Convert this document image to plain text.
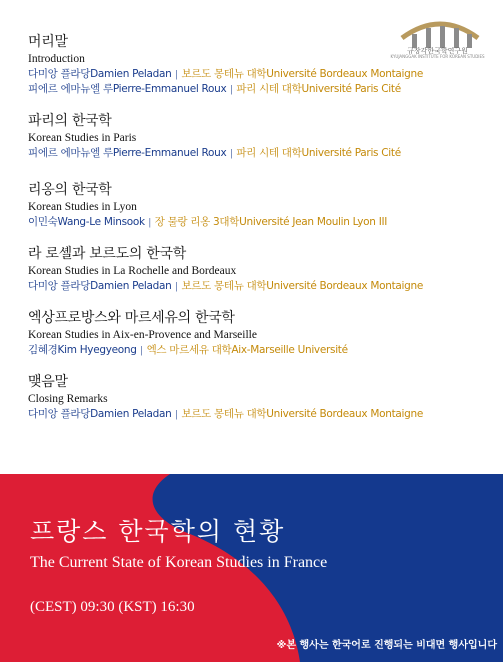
규장각한국학연구원
KYUJANGGAK INSTITUTE FOR KOREAN STUDIES
머리말
Introduction
다미앙 플라당Damien Peladan | 보르도 몽테뉴 대학Université Bordeaux Montaigne
피에르 에마뉴엘 루Pierre-Emmanuel Roux | 파리 시테 대학Université Paris Cité
파리의 한국학
Korean Studies in Paris
피에르 에마뉴엘 루Pierre-Emmanuel Roux | 파리 시테 대학Université Paris Cité
리옹의 한국학
Korean Studies in Lyon
이민숙Wang-Le Minsook | 장 물랑 리옹 3대학Université Jean Moulin Lyon III
라 로셸과 보르도의 한국학
Korean Studies in La Rochelle and Bordeaux
다미앙 플라당Damien Peladan | 보르도 몽테뉴 대학Université Bordeaux Montaigne
엑상프로방스와 마르세유의 한국학
Korean Studies in Aix-en-Provence and Marseille
김혜경Kim Hyegyeong | 엑스 마르세유 대학Aix-Marseille Université
맺음말
Closing Remarks
다미앙 플라당Damien Peladan | 보르도 몽테뉴 대학Université Bordeaux Montaigne
프랑스 한국학의 현황
The Current State of Korean Studies in France
(CEST) 09:30 (KST) 16:30
※본 행사는 한국어로 진행되는 비대면 행사입니다
